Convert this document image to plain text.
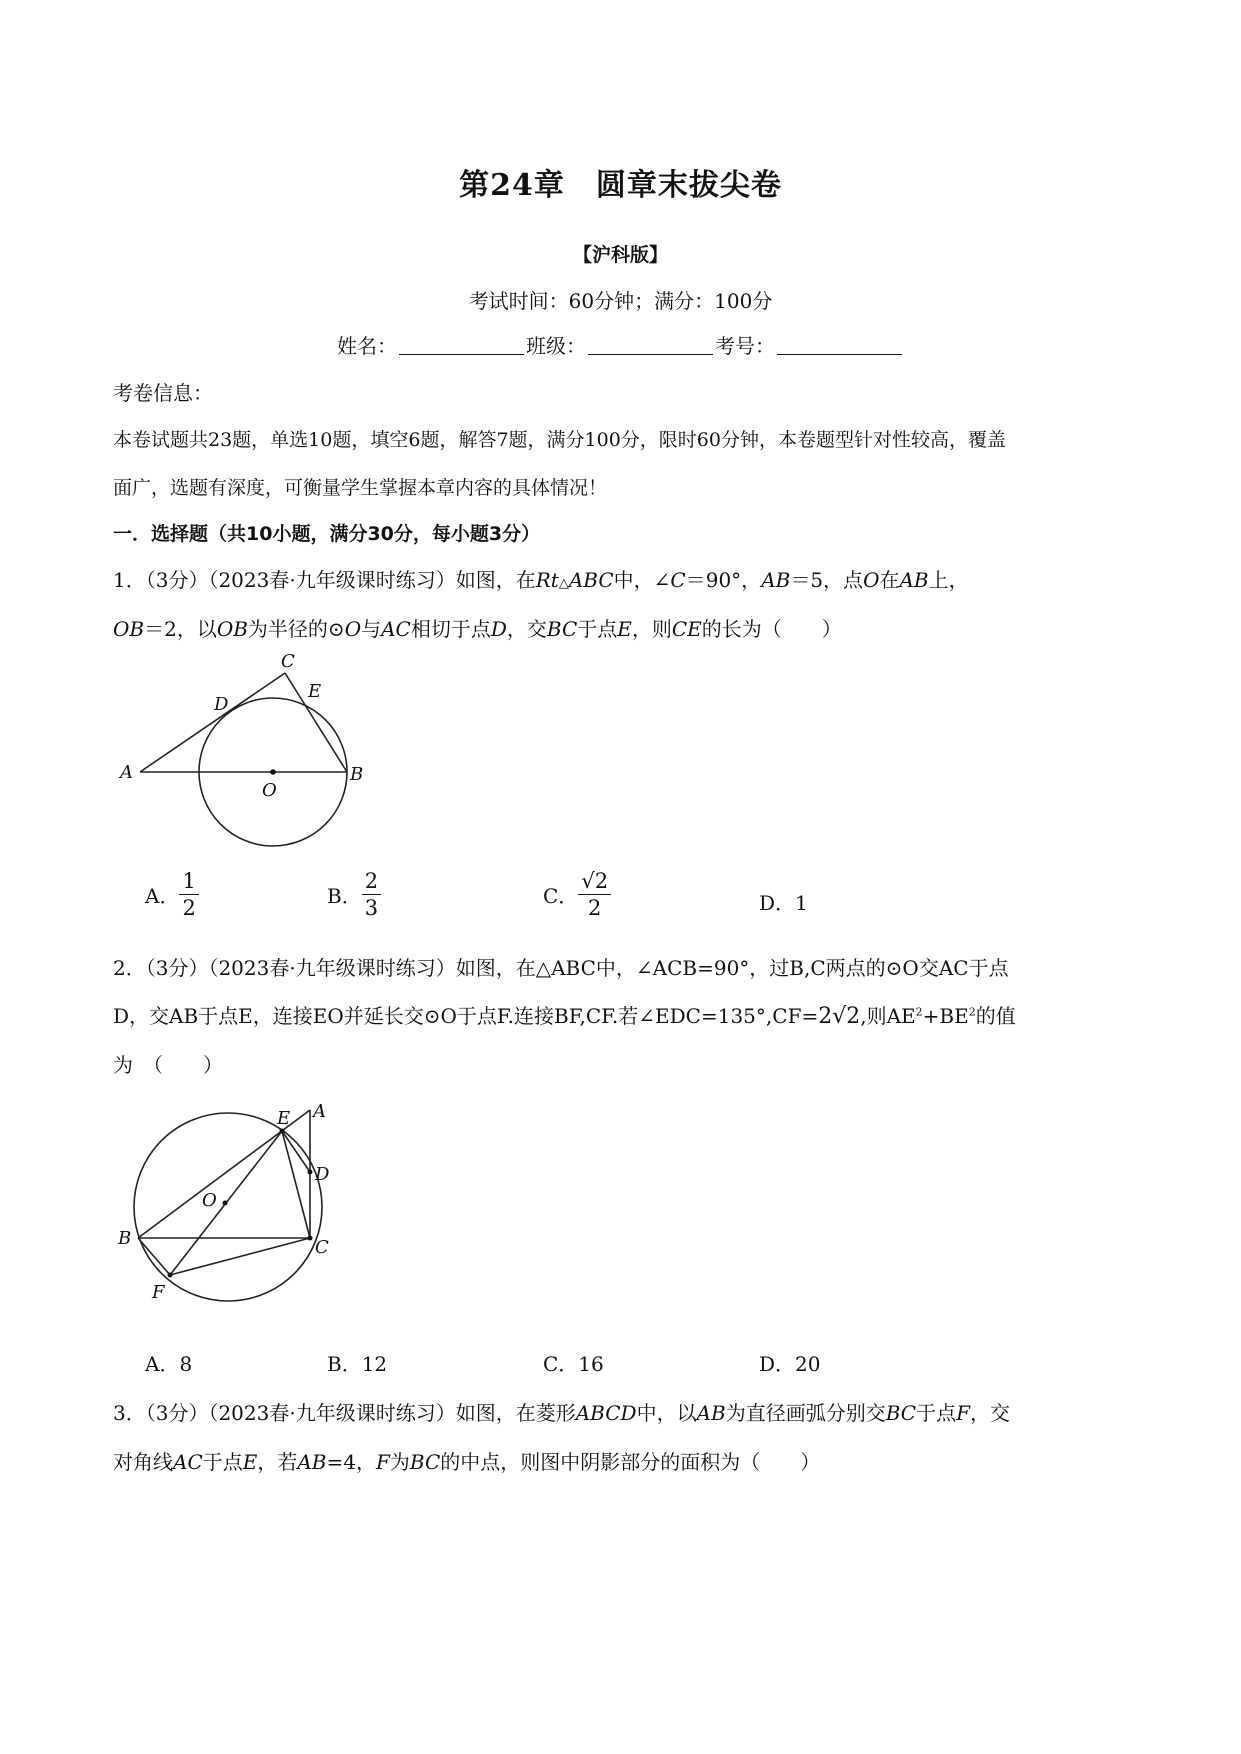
第24章　圆章末拔尖卷
【沪科版】
考试时间：60分钟；满分：100分
姓名：	班级：	考号：
考卷信息：
本卷试题共23题，单选10题，填空6题，解答7题，满分100分，限时60分钟，本卷题型针对性较高，覆盖
面广，选题有深度，可衡量学生掌握本章内容的具体情况！
一．选择题（共10小题，满分30分，每小题3分）
1．（3分）（2023春·九年级课时练习）如图，在Rt△ABC中，∠C＝90°，AB＝5，点O在AB上，
OB＝2，以OB为半径的⊙O与AC相切于点D，交BC于点E，则CE的长为（　　）
A	B
C
D
E
O
A． $\frac{1}{2}$	B． $\frac{2}{3}$	C． $\frac{√2}{2}$	D．1
2．（3分）（2023春·九年级课时练习）如图，在△ABC中，∠ACB=90°，过B,C两点的⊙O交AC于点
D，交AB于点E，连接EO并延长交⊙O于点F.连接BF,CF.若∠EDC=135°,CF=2√2,则$AE^2+BE^2$的值
为　（　　）
A
B	C
D
E
F
O
A．8	B．12	C．16	D．20
3．（3分）（2023春·九年级课时练习）如图，在菱形ABCD中，以AB为直径画弧分别交BC于点F，交
对角线AC于点E，若AB=4，F为BC的中点，则图中阴影部分的面积为（　　）
